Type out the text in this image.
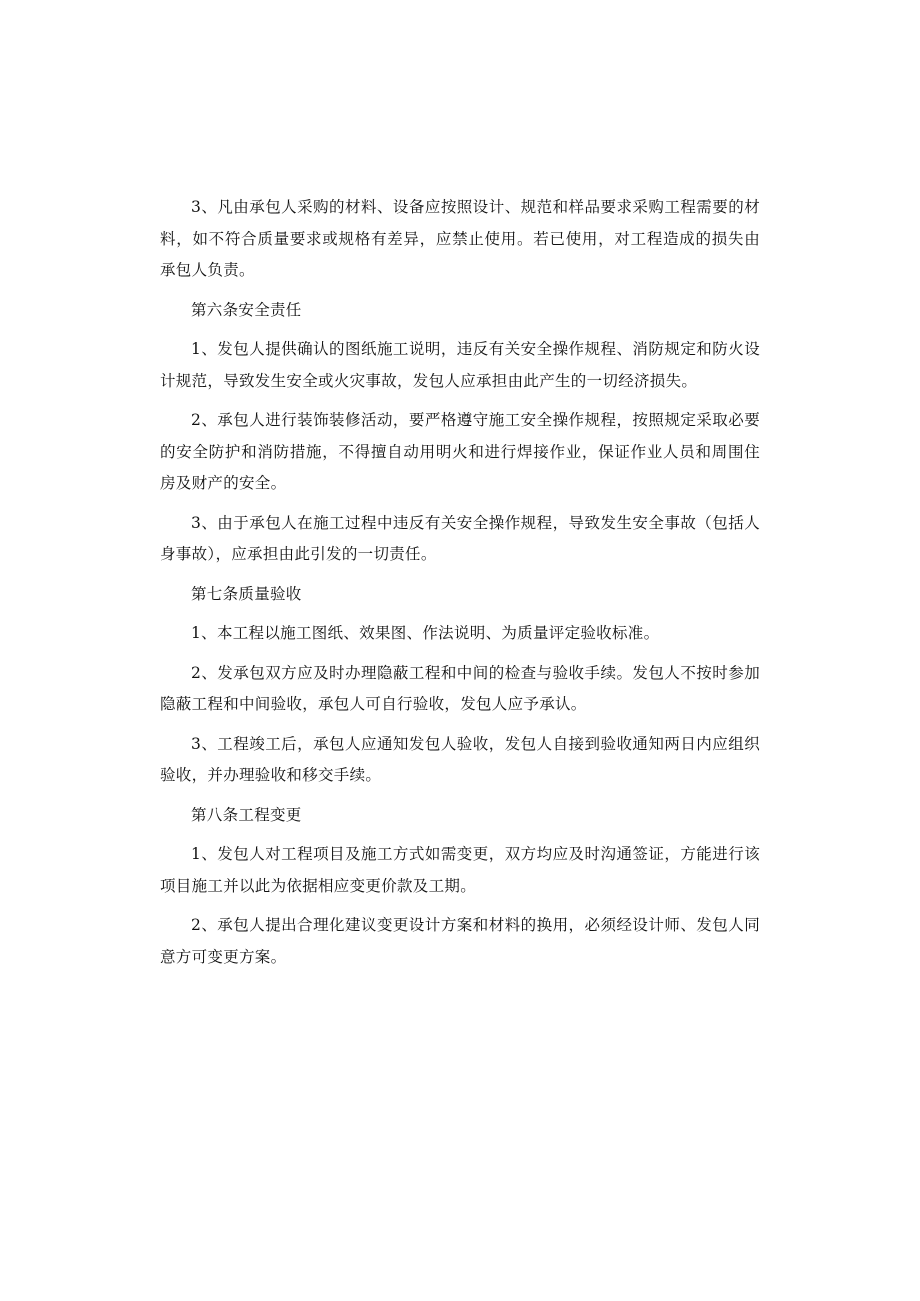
3、凡由承包人采购的材料、设备应按照设计、规范和样品要求采购工程需要的材料，如不符合质量要求或规格有差异，应禁止使用。若已使用，对工程造成的损失由承包人负责。

第六条安全责任

1、发包人提供确认的图纸施工说明，违反有关安全操作规程、消防规定和防火设计规范，导致发生安全或火灾事故，发包人应承担由此产生的一切经济损失。

2、承包人进行装饰装修活动，要严格遵守施工安全操作规程，按照规定采取必要的安全防护和消防措施，不得擅自动用明火和进行焊接作业，保证作业人员和周围住房及财产的安全。

3、由于承包人在施工过程中违反有关安全操作规程，导致发生安全事故（包括人身事故），应承担由此引发的一切责任。

第七条质量验收

1、本工程以施工图纸、效果图、作法说明、为质量评定验收标准。

2、发承包双方应及时办理隐蔽工程和中间的检查与验收手续。发包人不按时参加隐蔽工程和中间验收，承包人可自行验收，发包人应予承认。

3、工程竣工后，承包人应通知发包人验收，发包人自接到验收通知两日内应组织验收，并办理验收和移交手续。

第八条工程变更

1、发包人对工程项目及施工方式如需变更，双方均应及时沟通签证，方能进行该项目施工并以此为依据相应变更价款及工期。

2、承包人提出合理化建议变更设计方案和材料的换用，必须经设计师、发包人同意方可变更方案。
